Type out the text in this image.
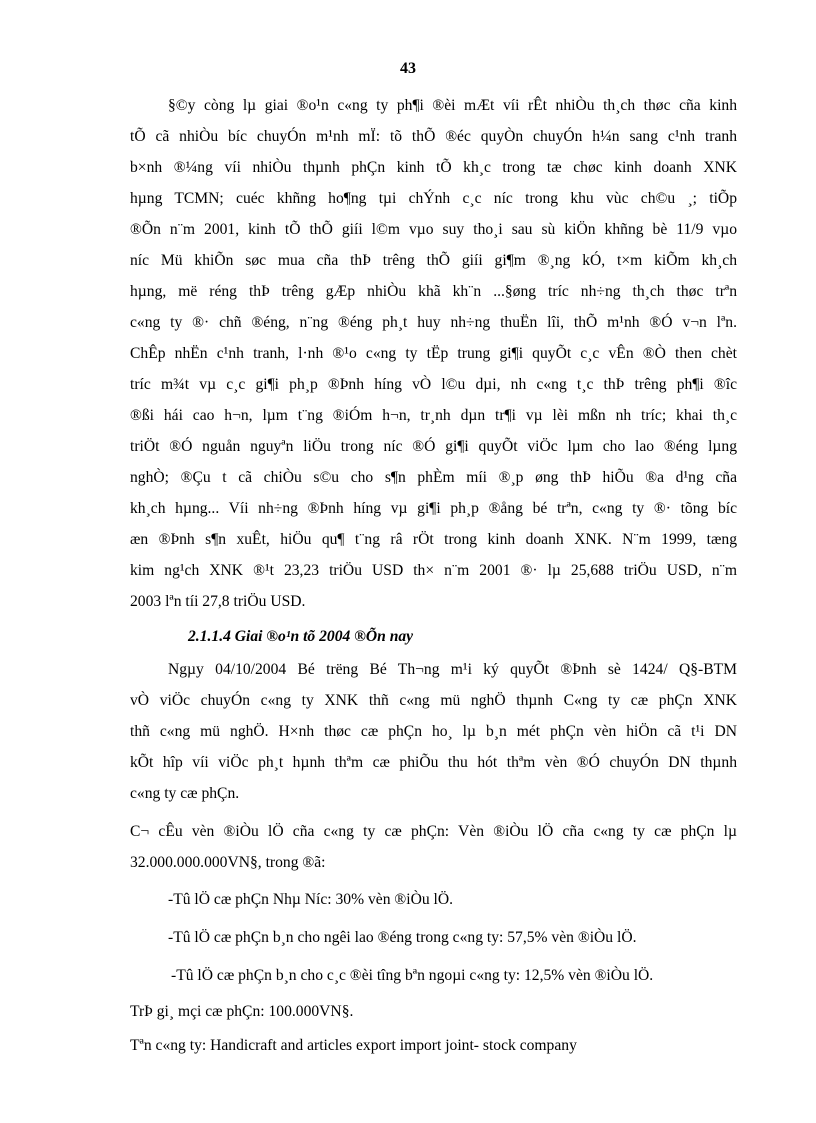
43
§©y còng lµ giai ®o¹n c«ng ty ph¶i ®èi mÆt víi rÊt nhiÒu th¸ch thøc cña kinh
tÕ cã nhiÒu bíc chuyÓn m¹nh mÏ: tõ thÕ ®éc quyÒn chuyÓn h¼n sang c¹nh tranh
b×nh ®¼ng víi nhiÒu thµnh phÇn kinh tÕ kh¸c trong tæ chøc kinh doanh XNK
hµng TCMN; cuéc khñng ho¶ng tµi chÝnh c¸c níc trong khu vùc ch©u ¸; tiÕp
®Õn n¨m 2001, kinh tÕ thÕ giíi l©m vµo suy tho¸i sau sù kiÖn khñng bè 11/9 vµo
níc Mü khiÕn søc mua cña thÞ trêng thÕ giíi gi¶m ®¸ng kÓ, t×m kiÕm kh¸ch
hµng, më réng thÞ trêng gÆp nhiÒu khã kh¨n ...§øng tríc nh÷ng th¸ch thøc trªn
c«ng ty ®· chñ ®éng, n¨ng ®éng ph¸t huy nh÷ng thuËn lîi, thÕ m¹nh ®Ó v¬n lªn.
ChÊp nhËn c¹nh tranh, l·nh ®¹o c«ng ty tËp trung gi¶i quyÕt c¸c vÊn ®Ò then chèt
tríc m¾t vµ c¸c gi¶i ph¸p ®Þnh híng vÒ l©u dµi, nh c«ng t¸c thÞ trêng ph¶i ®îc
®ßi hái cao h¬n, lµm t¨ng ®iÓm h¬n, tr¸nh dµn tr¶i vµ lèi mßn nh tríc; khai th¸c
triÖt ®Ó nguån nguyªn liÖu trong níc ®Ó gi¶i quyÕt viÖc lµm cho lao ®éng lµng
nghÒ; ®Çu t cã chiÒu s©u cho s¶n phÈm míi ®¸p øng thÞ hiÕu ®a d¹ng cña
kh¸ch hµng... Víi nh÷ng ®Þnh híng vµ gi¶i ph¸p ®ång bé trªn, c«ng ty ®· tõng bíc
æn ®Þnh s¶n xuÊt, hiÖu qu¶ t¨ng râ rÖt trong kinh doanh XNK. N¨m 1999, tæng
kim ng¹ch XNK ®¹t 23,23 triÖu USD th× n¨m 2001 ®· lµ 25,688 triÖu USD, n¨m
2003 lªn tíi 27,8 triÖu USD.
2.1.1.4 Giai ®o¹n tõ 2004 ®Õn nay
Ngµy 04/10/2004 Bé trëng Bé Th¬ng m¹i ký quyÕt ®Þnh sè 1424/ Q§-BTM
vÒ viÖc chuyÓn c«ng ty XNK thñ c«ng mü nghÖ thµnh C«ng ty cæ phÇn XNK
thñ c«ng mü nghÖ. H×nh thøc cæ phÇn ho¸ lµ b¸n mét phÇn vèn hiÖn cã t¹i DN
kÕt hîp víi viÖc ph¸t hµnh thªm cæ phiÕu thu hót thªm vèn ®Ó chuyÓn DN thµnh
c«ng ty cæ phÇn.
C¬ cÊu vèn ®iÒu lÖ cña c«ng ty cæ phÇn: Vèn ®iÒu lÖ cña c«ng ty cæ phÇn lµ
32.000.000.000VN§, trong ®ã:
-Tû lÖ cæ phÇn Nhµ Níc: 30% vèn ®iÒu lÖ.
-Tû lÖ cæ phÇn b¸n cho ngêi lao ®éng trong c«ng ty: 57,5% vèn ®iÒu lÖ.
-Tû lÖ cæ phÇn b¸n cho c¸c ®èi tîng bªn ngoµi c«ng ty: 12,5% vèn ®iÒu lÖ.
TrÞ gi¸ mçi cæ phÇn: 100.000VN§.
Tªn c«ng ty: Handicraft and articles export import joint- stock company
